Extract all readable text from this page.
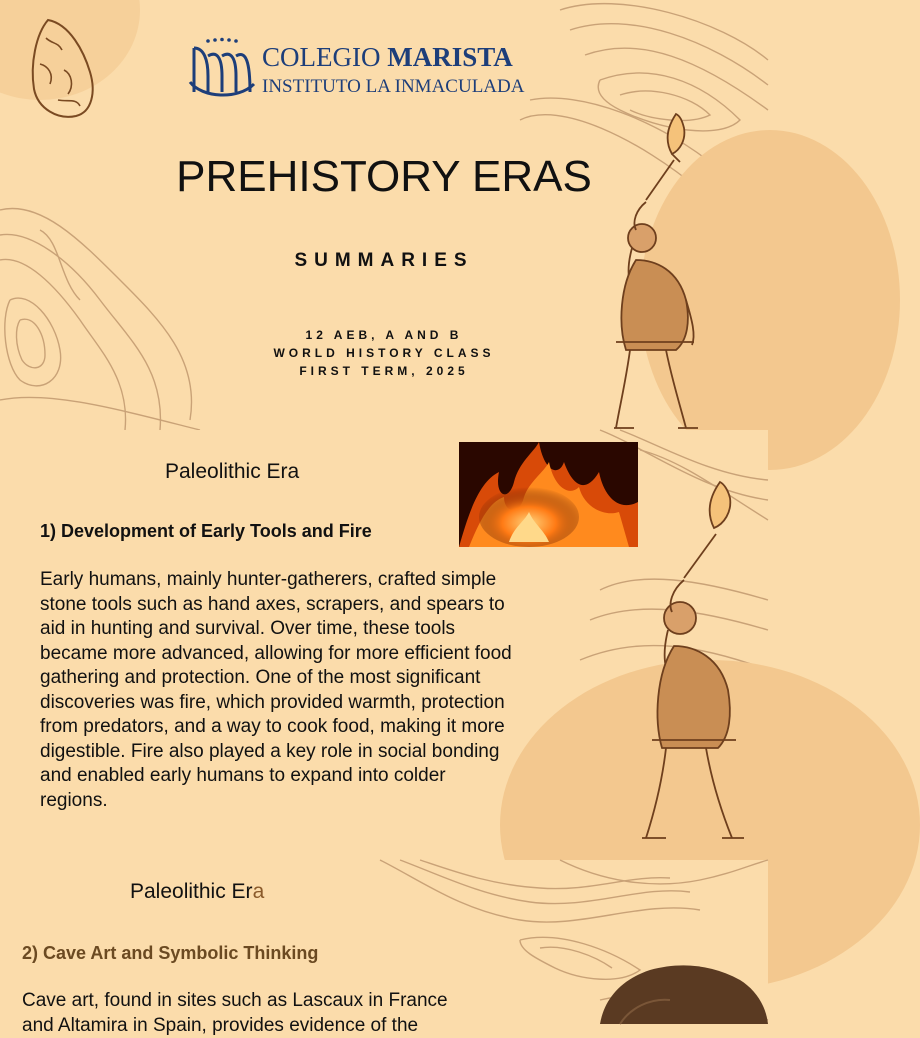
COLEGIO MARISTA
INSTITUTO LA INMACULADA
PREHISTORY ERAS
SUMMARIES
12 AEB, A AND B
WORLD HISTORY CLASS
FIRST TERM, 2025
Paleolithic Era
1) Development of Early Tools and Fire
Early humans, mainly hunter-gatherers, crafted simple
stone tools such as hand axes, scrapers, and spears to
aid in hunting and survival. Over time, these tools
became more advanced, allowing for more efficient food
gathering and protection. One of the most significant
discoveries was fire, which provided warmth, protection
from predators, and a way to cook food, making it more
digestible. Fire also played a key role in social bonding
and enabled early humans to expand into colder
regions.
Paleolithic Era
2) Cave Art and Symbolic Thinking
Cave art, found in sites such as Lascaux in France
and Altamira in Spain, provides evidence of the
